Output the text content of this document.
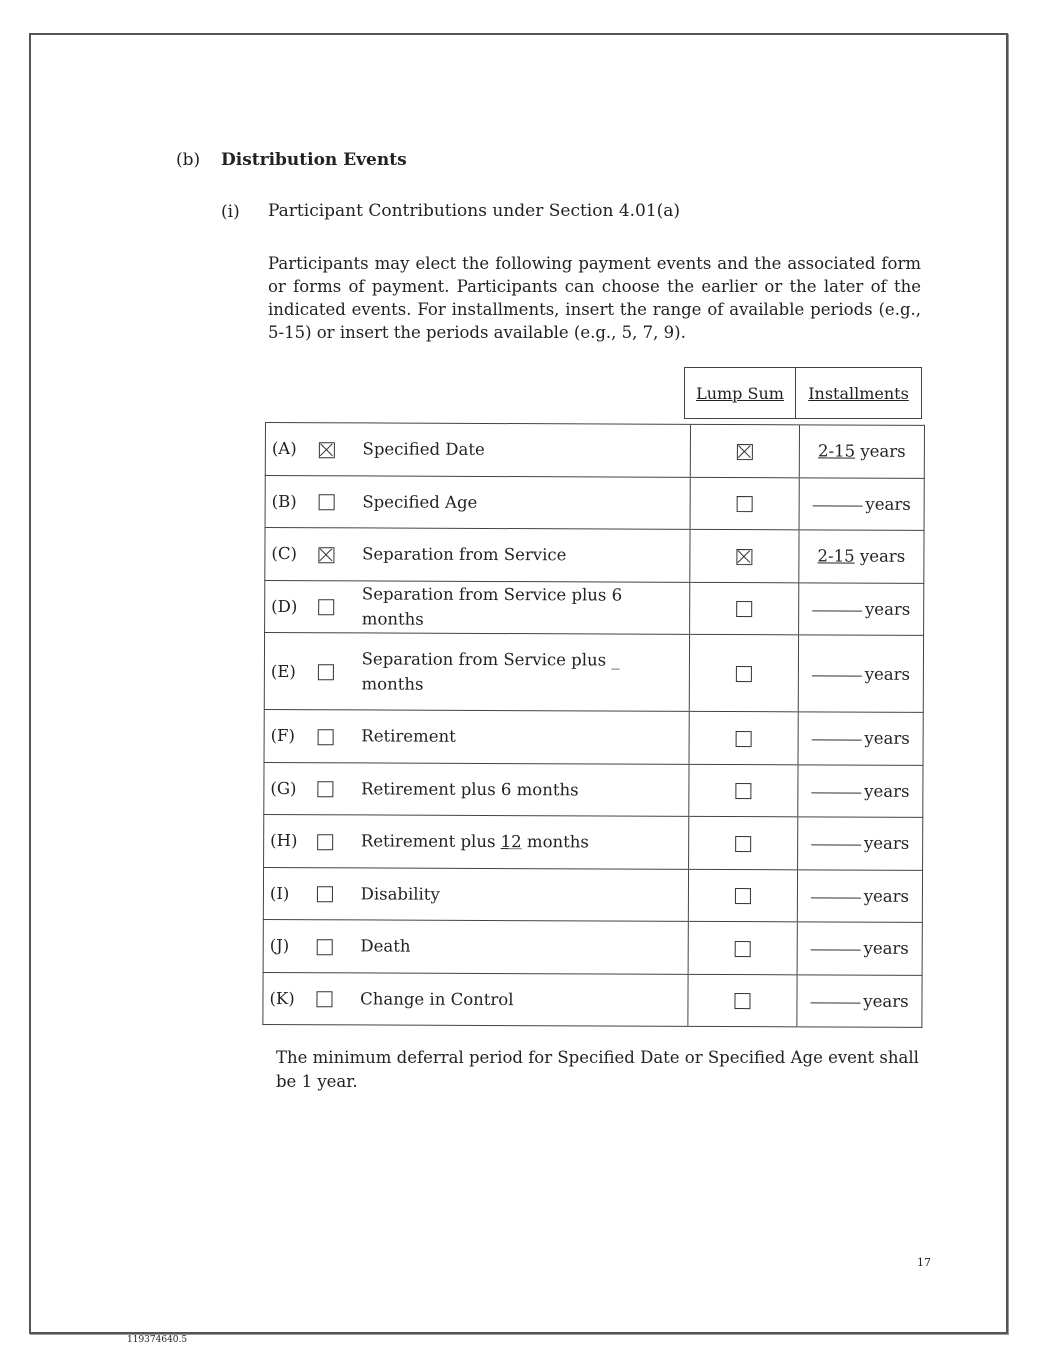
(b) Distribution Events
(i) Participant Contributions under Section 4.01(a)
Participants may elect the following payment events and the associated form or forms of payment. Participants can choose the earlier or the later of the indicated events. For installments, insert the range of available periods (e.g., 5-15) or insert the periods available (e.g., 5, 7, 9).
Lump Sum	Installments
(A)		Specified Date		2-15 years
(B)		Specified Age		years
(C)		Separation from Service		2-15 years
(D)		Separation from Service plus 6 months		years
(E)		Separation from Service plus _ months		years
(F)		Retirement		years
(G)		Retirement plus 6 months		years
(H)		Retirement plus 12 months		years
(I)		Disability		years
(J)		Death		years
(K)		Change in Control		years
The minimum deferral period for Specified Date or Specified Age event shall be 1 year.
17
119374640.5
